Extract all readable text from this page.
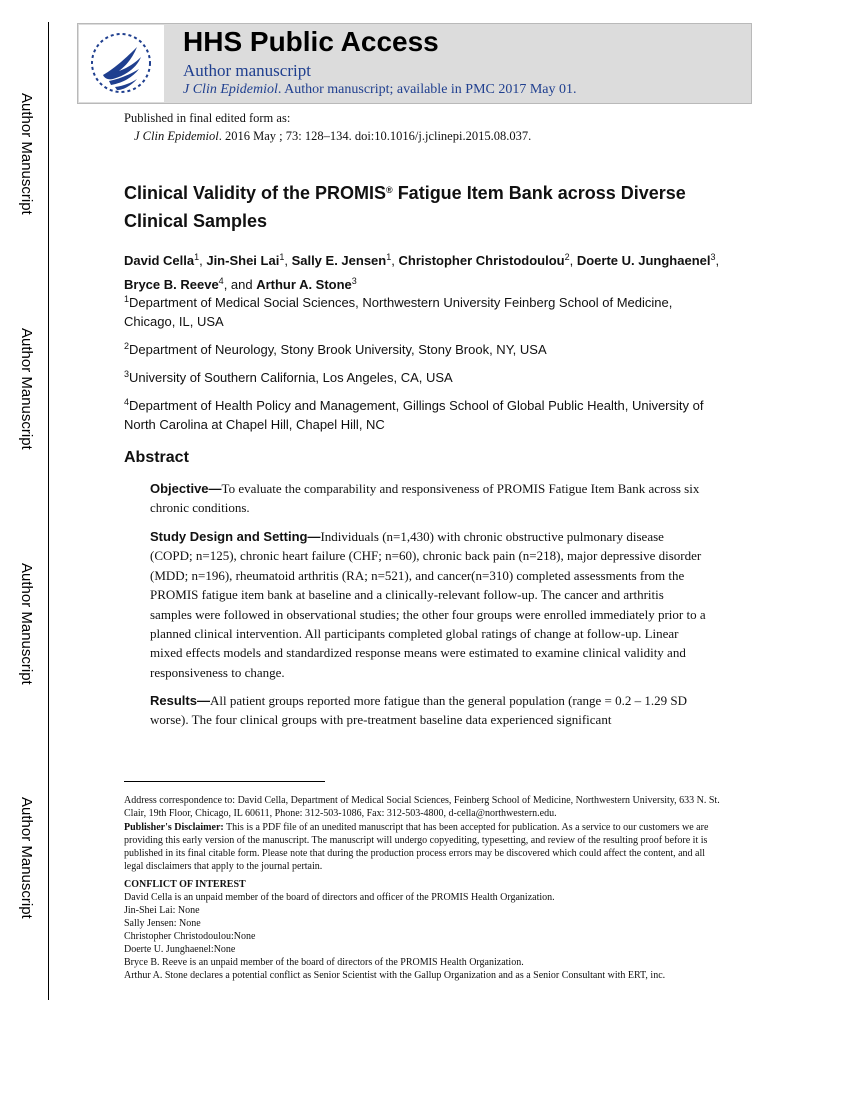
Author Manuscript
Author Manuscript
Author Manuscript
Author Manuscript
HHS Public Access
Author manuscript
J Clin Epidemiol. Author manuscript; available in PMC 2017 May 01.
Published in final edited form as:
J Clin Epidemiol. 2016 May ; 73: 128–134. doi:10.1016/j.jclinepi.2015.08.037.
Clinical Validity of the PROMIS® Fatigue Item Bank across Diverse Clinical Samples
David Cella$^1$, Jin-Shei Lai$^1$, Sally E. Jensen$^1$, Christopher Christodoulou$^2$, Doerte U. Junghaenel$^3$, Bryce B. Reeve$^4$, and Arthur A. Stone$^3$
$^1$Department of Medical Social Sciences, Northwestern University Feinberg School of Medicine, Chicago, IL, USA
$^2$Department of Neurology, Stony Brook University, Stony Brook, NY, USA
$^3$University of Southern California, Los Angeles, CA, USA
$^4$Department of Health Policy and Management, Gillings School of Global Public Health, University of North Carolina at Chapel Hill, Chapel Hill, NC
Abstract
Objective—To evaluate the comparability and responsiveness of PROMIS Fatigue Item Bank across six chronic conditions.
Study Design and Setting—Individuals (n=1,430) with chronic obstructive pulmonary disease (COPD; n=125), chronic heart failure (CHF; n=60), chronic back pain (n=218), major depressive disorder (MDD; n=196), rheumatoid arthritis (RA; n=521), and cancer(n=310) completed assessments from the PROMIS fatigue item bank at baseline and a clinically-relevant follow-up. The cancer and arthritis samples were followed in observational studies; the other four groups were enrolled immediately prior to a planned clinical intervention. All participants completed global ratings of change at follow-up. Linear mixed effects models and standardized response means were estimated to examine clinical validity and responsiveness to change.
Results—All patient groups reported more fatigue than the general population (range = 0.2 – 1.29 SD worse). The four clinical groups with pre-treatment baseline data experienced significant

Address correspondence to: David Cella, Department of Medical Social Sciences, Feinberg School of Medicine, Northwestern University, 633 N. St. Clair, 19th Floor, Chicago, IL 60611, Phone: 312-503-1086, Fax: 312-503-4800, d-cella@northwestern.edu.

Publisher's Disclaimer: This is a PDF file of an unedited manuscript that has been accepted for publication. As a service to our customers we are providing this early version of the manuscript. The manuscript will undergo copyediting, typesetting, and review of the resulting proof before it is published in its final citable form. Please note that during the production process errors may be discovered which could affect the content, and all legal disclaimers that apply to the journal pertain.

CONFLICT OF INTEREST

David Cella is an unpaid member of the board of directors and officer of the PROMIS Health Organization.

Jin-Shei Lai: None

Sally Jensen: None

Christopher Christodoulou:None

Doerte U. Junghaenel:None

Bryce B. Reeve is an unpaid member of the board of directors of the PROMIS Health Organization.

Arthur A. Stone declares a potential conflict as Senior Scientist with the Gallup Organization and as a Senior Consultant with ERT, inc.
